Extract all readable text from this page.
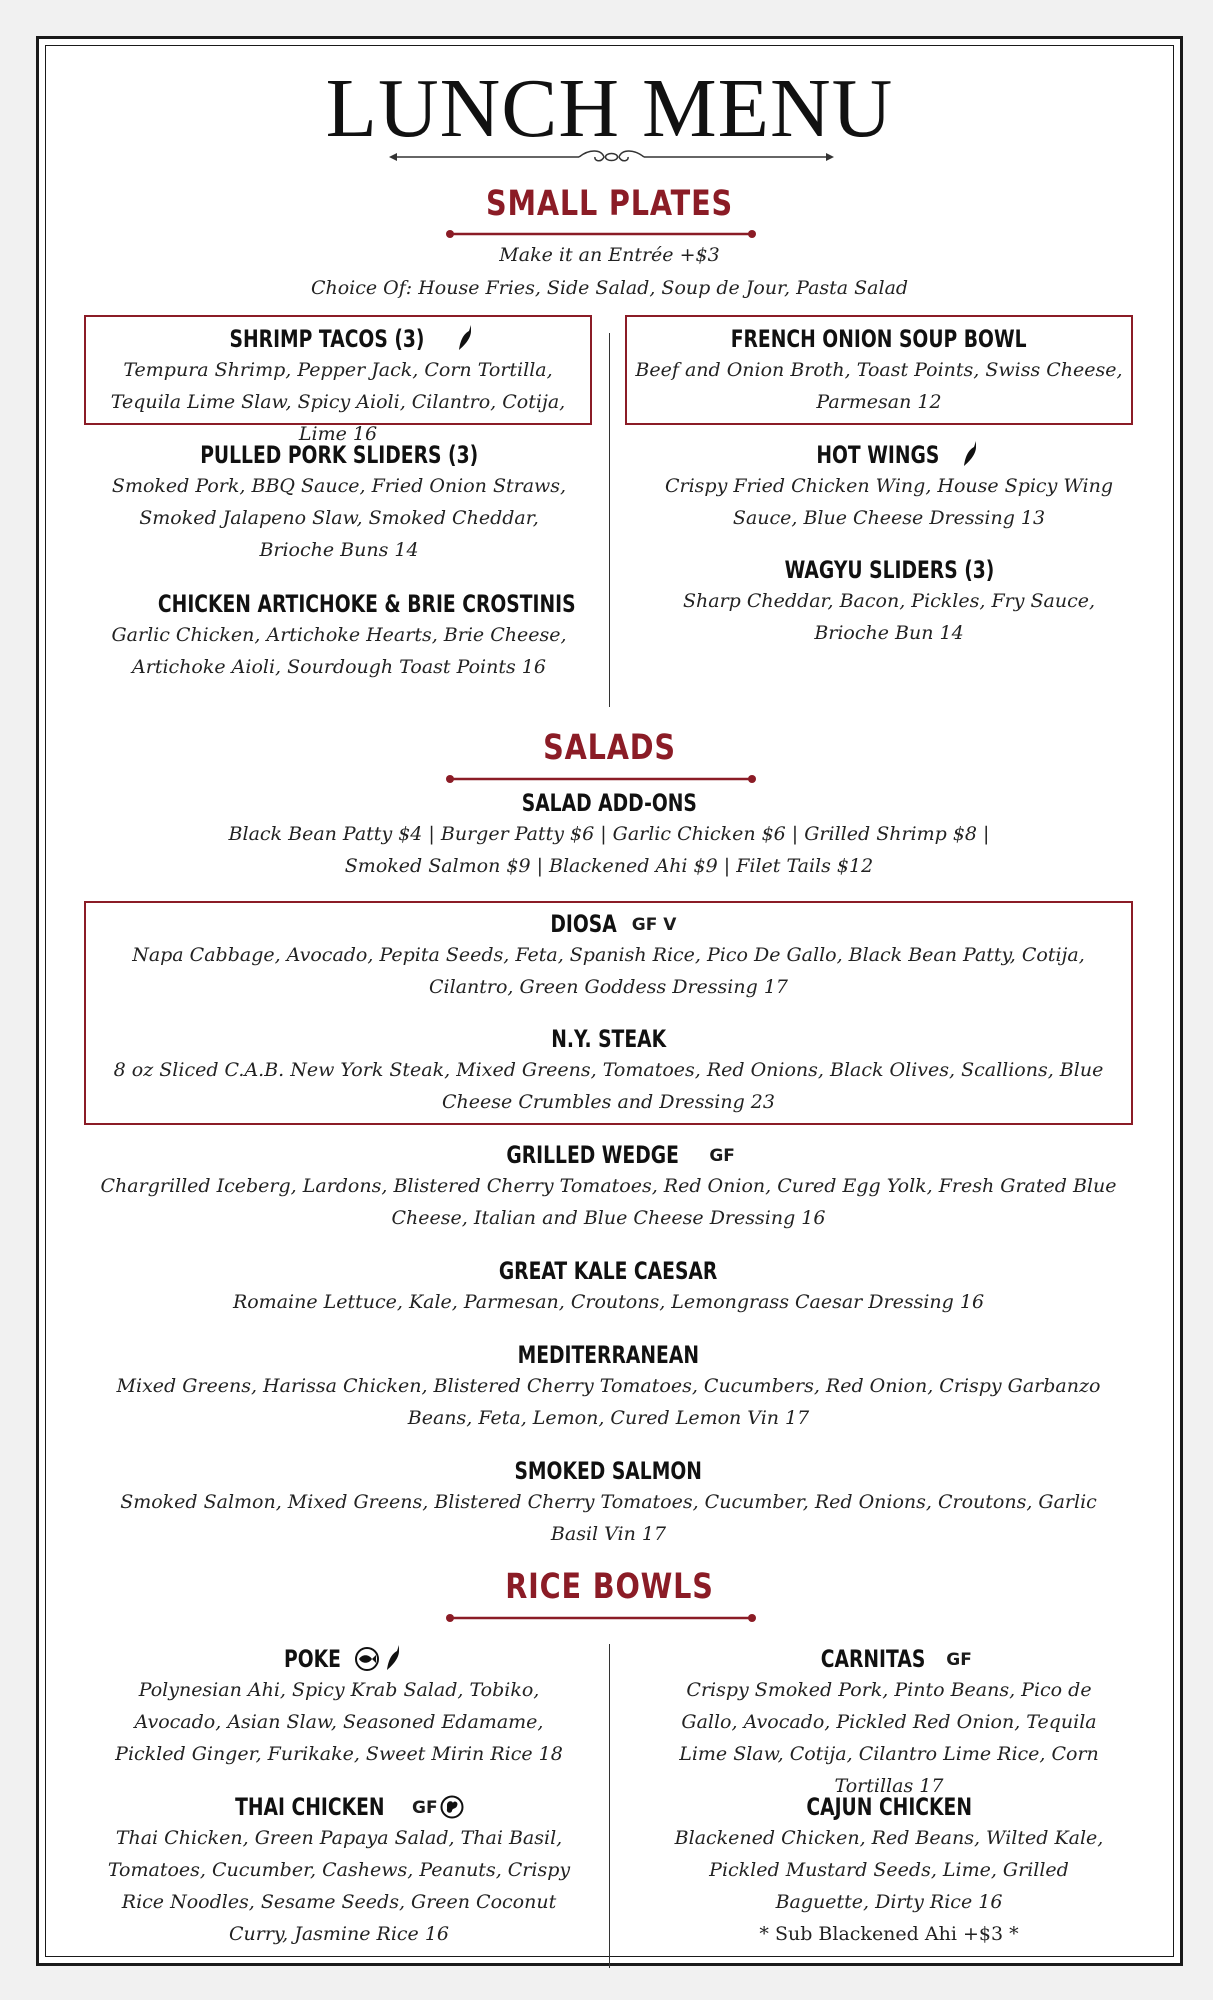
LUNCH MENU
SMALL PLATES
Make it an Entrée +$3
Choice Of: House Fries, Side Salad, Soup de Jour, Pasta Salad
SHRIMP TACOS (3)
Tempura Shrimp, Pepper Jack, Corn Tortilla, Tequila Lime Slaw, Spicy Aioli, Cilantro, Cotija, Lime 16
FRENCH ONION SOUP BOWL
Beef and Onion Broth, Toast Points, Swiss Cheese, Parmesan 12
PULLED PORK SLIDERS (3)
Smoked Pork, BBQ Sauce, Fried Onion Straws, Smoked Jalapeno Slaw, Smoked Cheddar, Brioche Buns 14
HOT WINGS
Crispy Fried Chicken Wing, House Spicy Wing Sauce, Blue Cheese Dressing 13
WAGYU SLIDERS (3)
Sharp Cheddar, Bacon, Pickles, Fry Sauce, Brioche Bun 14
CHICKEN ARTICHOKE & BRIE CROSTINIS
Garlic Chicken, Artichoke Hearts, Brie Cheese, Artichoke Aioli, Sourdough Toast Points 16
SALADS
SALAD ADD-ONS
Black Bean Patty $4 | Burger Patty $6 | Garlic Chicken $6 | Grilled Shrimp $8 |
Smoked Salmon $9 | Blackened Ahi $9 | Filet Tails $12
DIOSA GF V
Napa Cabbage, Avocado, Pepita Seeds, Feta, Spanish Rice, Pico De Gallo, Black Bean Patty, Cotija, Cilantro, Green Goddess Dressing 17
N.Y. STEAK
8 oz Sliced C.A.B. New York Steak, Mixed Greens, Tomatoes, Red Onions, Black Olives, Scallions, Blue Cheese Crumbles and Dressing 23
GRILLED WEDGE GF
Chargrilled Iceberg, Lardons, Blistered Cherry Tomatoes, Red Onion, Cured Egg Yolk, Fresh Grated Blue Cheese, Italian and Blue Cheese Dressing 16
GREAT KALE CAESAR
Romaine Lettuce, Kale, Parmesan, Croutons, Lemongrass Caesar Dressing 16
MEDITERRANEAN
Mixed Greens, Harissa Chicken, Blistered Cherry Tomatoes, Cucumbers, Red Onion, Crispy Garbanzo Beans, Feta, Lemon, Cured Lemon Vin 17
SMOKED SALMON
Smoked Salmon, Mixed Greens, Blistered Cherry Tomatoes, Cucumber, Red Onions, Croutons, Garlic Basil Vin 17
RICE BOWLS
POKE
Polynesian Ahi, Spicy Krab Salad, Tobiko, Avocado, Asian Slaw, Seasoned Edamame, Pickled Ginger, Furikake, Sweet Mirin Rice 18
CARNITAS GF
Crispy Smoked Pork, Pinto Beans, Pico de Gallo, Avocado, Pickled Red Onion, Tequila Lime Slaw, Cotija, Cilantro Lime Rice, Corn Tortillas 17
THAI CHICKEN GF
Thai Chicken, Green Papaya Salad, Thai Basil, Tomatoes, Cucumber, Cashews, Peanuts, Crispy Rice Noodles, Sesame Seeds, Green Coconut Curry, Jasmine Rice 16
CAJUN CHICKEN
Blackened Chicken, Red Beans, Wilted Kale, Pickled Mustard Seeds, Lime, Grilled Baguette, Dirty Rice 16
* Sub Blackened Ahi +$3 *
